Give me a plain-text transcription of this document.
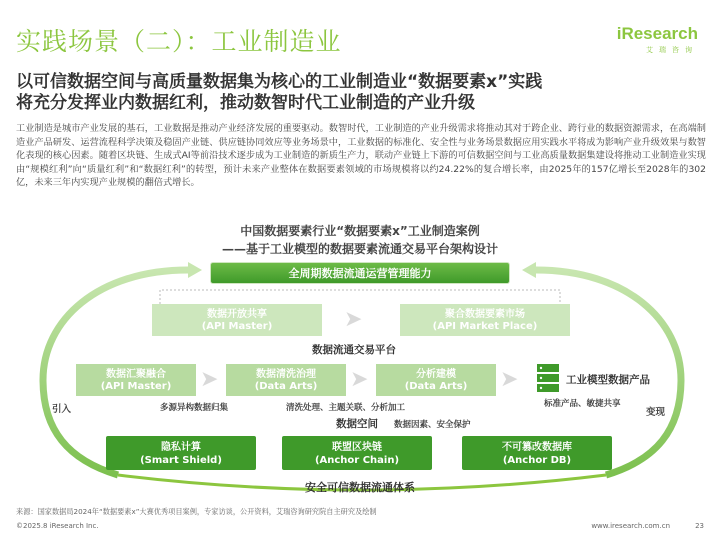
实践场景（二）：工业制造业	iResearch
艾瑞咨询
以可信数据空间与高质量数据集为核心的工业制造业“数据要素x”实践
将充分发挥业内数据红利，推动数智时代工业制造的产业升级
工业制造是城市产业发展的基石，工业数据是推动产业经济发展的重要驱动。数智时代，工业制造的产业升级需求将推动其对于跨企业、跨行业的数据资源需求，在高端制造业产品研发、运营流程科学决策及稳固产业链、供应链协同效应等业务场景中，工业数据的标准化、安全性与业务场景数据应用实践水平将成为影响产业升级效果与数智化表现的核心因素。随着区块链、生成式AI等前沿技术逐步成为工业制造的新质生产力，联动产业链上下游的可信数据空间与工业高质量数据集建设将推动工业制造业实现由“规模红利”向“质量红利”和“数据红利”的转型，预计未来产业整体在数据要素领域的市场规模将以约24.22%的复合增长率，由2025年的157亿增长至2028年的302亿，未来三年内实现产业规模的翻倍式增长。
中国数据要素行业“数据要素x”工业制造案例
——基于工业模型的数据要素流通交易平台架构设计
全周期数据流通运营管理能力
数据开放共享
(API Master)	➤	聚合数据要素市场
(API Market Place)
数据流通交易平台
数据汇聚融合
(API Master)	➤	数据清洗治理
(Data Arts)	➤	分析建模
(Data Arts)	➤	工业模型数据产品
多源异构数据归集	清洗处理、主题关联、分析加工	标准产品、敏捷共享
引入	变现
数据空间 数据因素、安全保护
隐私计算
(Smart Shield)
联盟区块链
(Anchor Chain)
不可篡改数据库
(Anchor DB)
安全可信数据流通体系
来源：国家数据局2024年“数据要素x”大赛优秀项目案例，专家访谈，公开资料，艾瑞咨询研究院自主研究及绘制
©2025.8 iResearch Inc.	www.iresearch.com.cn	23
